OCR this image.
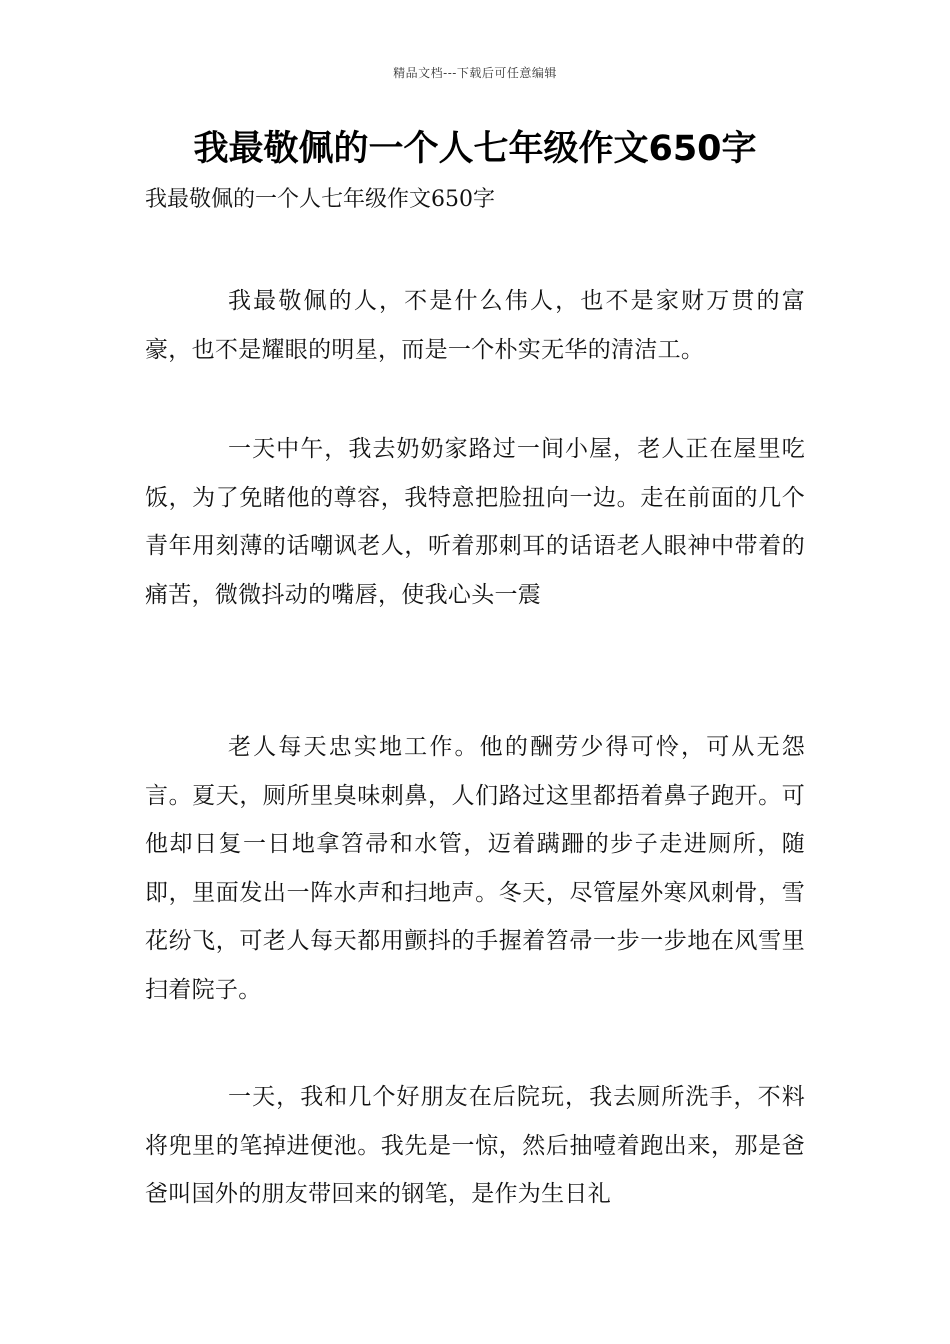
精品文档---下载后可任意编辑
我最敬佩的一个人七年级作文650字
我最敬佩的一个人七年级作文650字

我最敬佩的人，不是什么伟人，也不是家财万贯的富豪，也不是耀眼的明星，而是一个朴实无华的清洁工。

一天中午，我去奶奶家路过一间小屋，老人正在屋里吃饭，为了免睹他的尊容，我特意把脸扭向一边。走在前面的几个青年用刻薄的话嘲讽老人，听着那刺耳的话语老人眼神中带着的痛苦，微微抖动的嘴唇，使我心头一震

老人每天忠实地工作。他的酬劳少得可怜，可从无怨言。夏天，厕所里臭味刺鼻，人们路过这里都捂着鼻子跑开。可他却日复一日地拿笤帚和水管，迈着蹒跚的步子走进厕所，随即，里面发出一阵水声和扫地声。冬天，尽管屋外寒风刺骨，雪花纷飞，可老人每天都用颤抖的手握着笤帚一步一步地在风雪里扫着院子。

一天，我和几个好朋友在后院玩，我去厕所洗手，不料将兜里的笔掉进便池。我先是一惊，然后抽噎着跑出来，那是爸爸叫国外的朋友带回来的钢笔，是作为生日礼
